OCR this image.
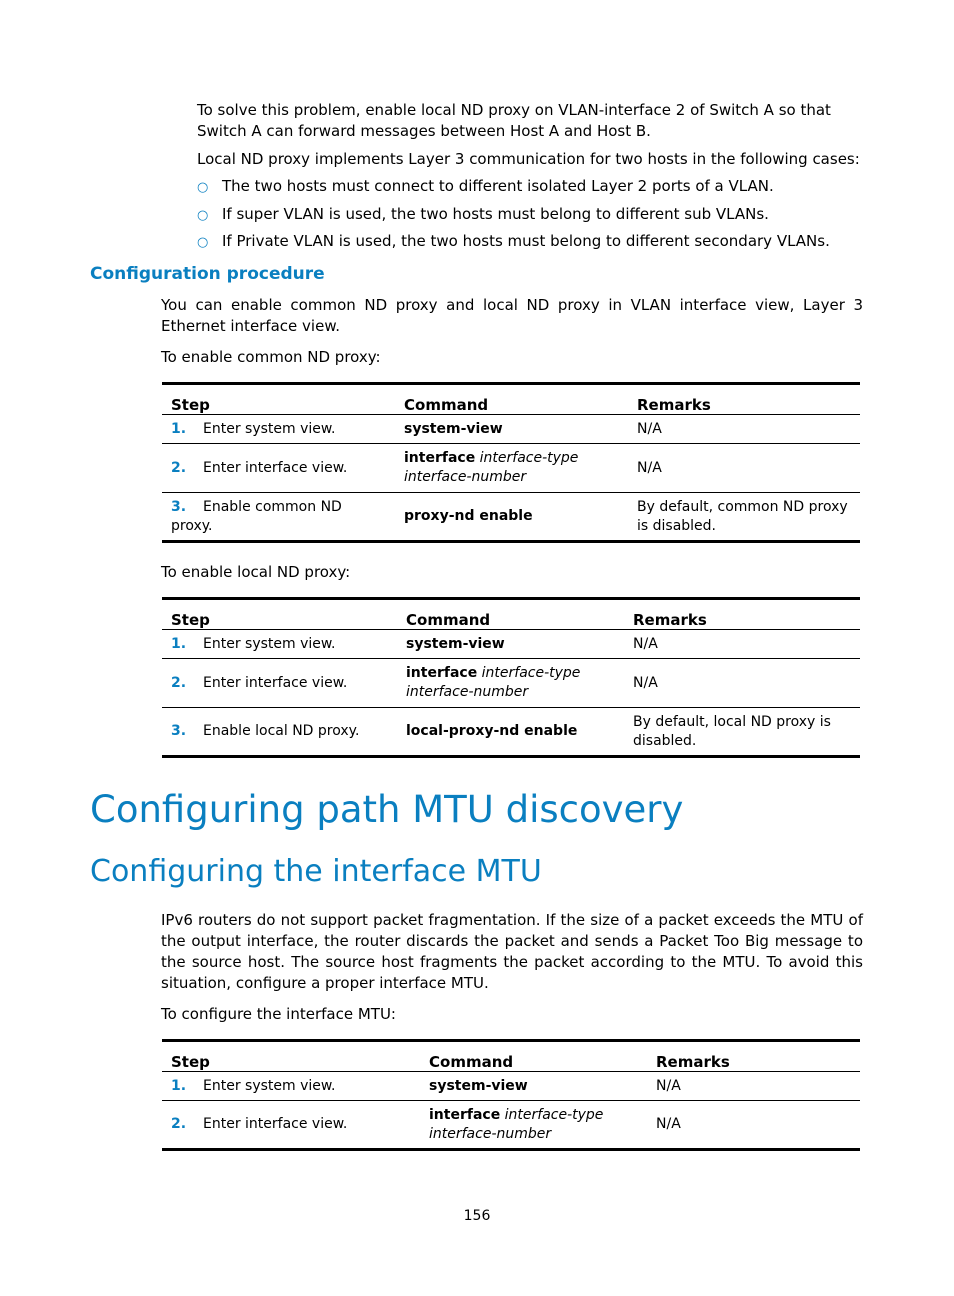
To solve this problem, enable local ND proxy on VLAN-interface 2 of Switch A so that Switch A can forward messages between Host A and Host B.
Local ND proxy implements Layer 3 communication for two hosts in the following cases:
○ The two hosts must connect to different isolated Layer 2 ports of a VLAN.
○ If super VLAN is used, the two hosts must belong to different sub VLANs.
○ If Private VLAN is used, the two hosts must belong to different secondary VLANs.
Configuration procedure
You can enable common ND proxy and local ND proxy in VLAN interface view, Layer 3 Ethernet interface view.
To enable common ND proxy:
Step	Command	Remarks
1. Enter system view.	system-view	N/A
2. Enter interface view.	interface interface-type interface-number	N/A
3. Enable common ND proxy.	proxy-nd enable	By default, common ND proxy is disabled.
To enable local ND proxy:
Step	Command	Remarks
1. Enter system view.	system-view	N/A
2. Enter interface view.	interface interface-type interface-number	N/A
3. Enable local ND proxy.	local-proxy-nd enable	By default, local ND proxy is disabled.
Configuring path MTU discovery
Configuring the interface MTU
IPv6 routers do not support packet fragmentation. If the size of a packet exceeds the MTU of the output interface, the router discards the packet and sends a Packet Too Big message to the source host. The source host fragments the packet according to the MTU. To avoid this situation, configure a proper interface MTU.
To configure the interface MTU:
Step	Command	Remarks
1. Enter system view.	system-view	N/A
2. Enter interface view.	interface interface-type interface-number	N/A
156
